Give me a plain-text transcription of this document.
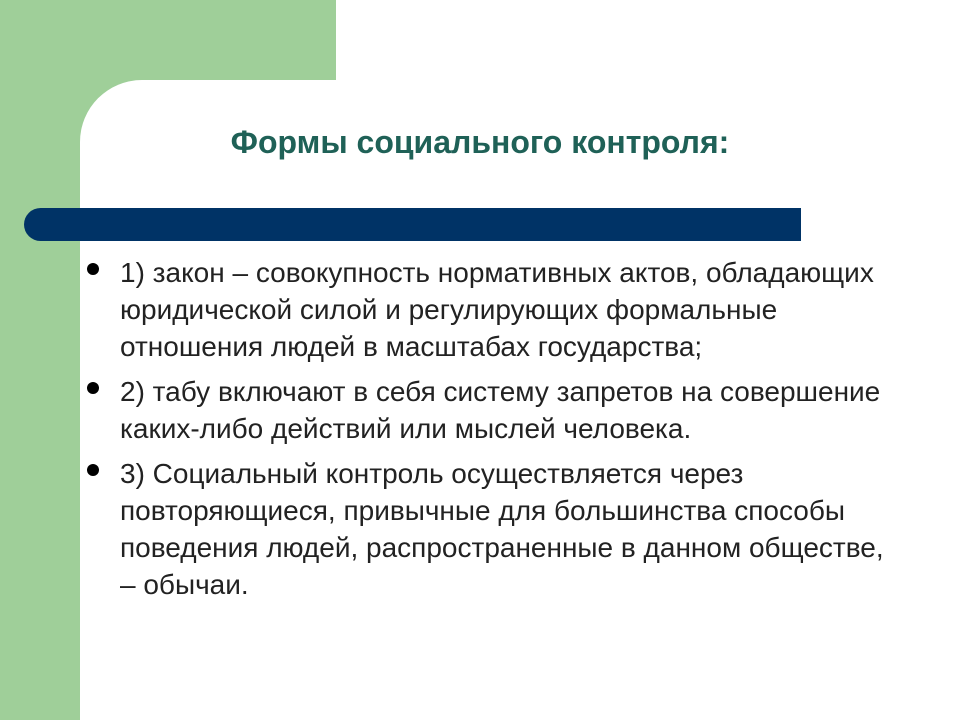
Формы социального контроля:
1) закон – совокупность нормативных актов, обладающих юридической силой и регулирующих формальные отношения людей в масштабах государства;
2) табу включают в себя систему запретов на совершение каких-либо действий или мыслей человека.
3) Социальный контроль осуществляется через повторяющиеся, привычные для большинства способы поведения людей, распространенные в данном обществе, – обычаи.
